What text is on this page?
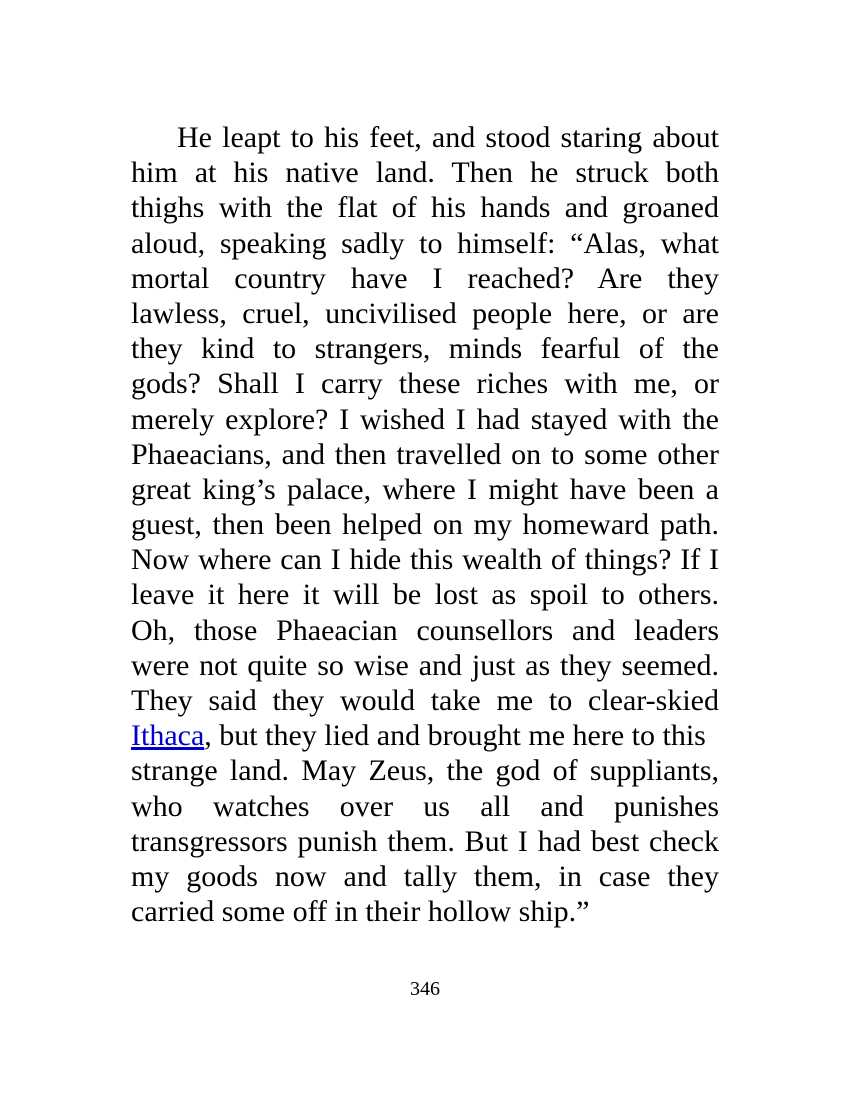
He leapt to his feet, and stood staring about
him at his native land. Then he struck both
thighs with the flat of his hands and groaned
aloud, speaking sadly to himself: “Alas, what
mortal country have I reached? Are they
lawless, cruel, uncivilised people here, or are
they kind to strangers, minds fearful of the
gods? Shall I carry these riches with me, or
merely explore? I wished I had stayed with the
Phaeacians, and then travelled on to some other
great king’s palace, where I might have been a
guest, then been helped on my homeward path.
Now where can I hide this wealth of things? If I
leave it here it will be lost as spoil to others.
Oh, those Phaeacian counsellors and leaders
were not quite so wise and just as they seemed.
They said they would take me to clear-skied
Ithaca, but they lied and brought me here to this
strange land. May Zeus, the god of suppliants,
who watches over us all and punishes
transgressors punish them. But I had best check
my goods now and tally them, in case they
carried some off in their hollow ship.”
346
